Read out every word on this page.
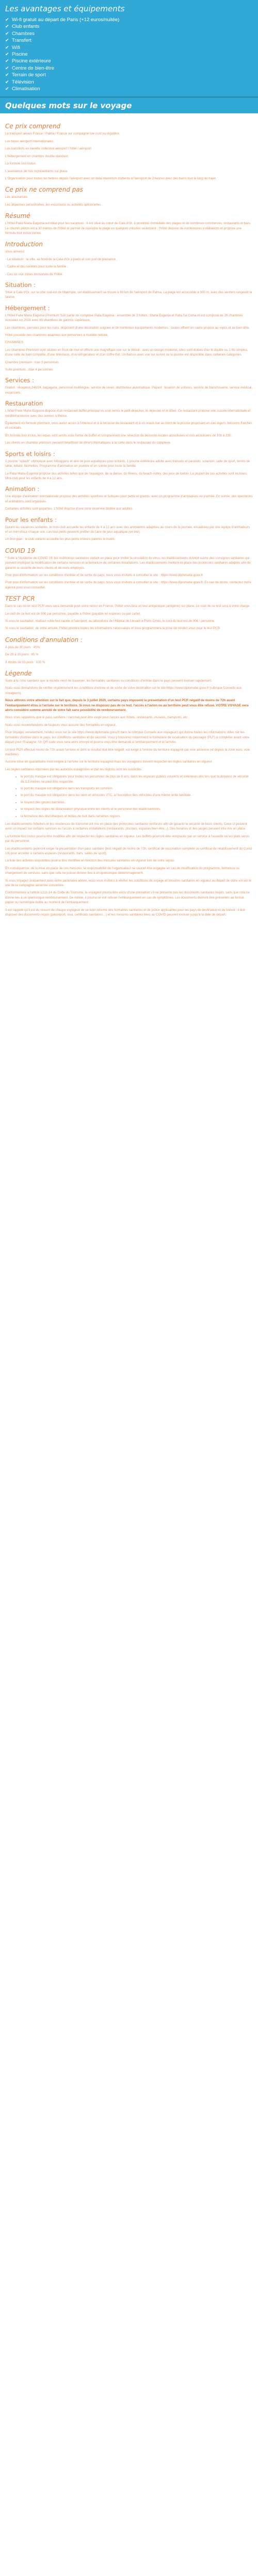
Les avantages et équipements
✔ Wi-fi gratuit au départ de Paris (+12 euros/nuitée)
✔ Club enfants
✔ Chambres
✔ Transfert
✔ Wifi
✔ Piscine
✔ Piscine extérieure
✔ Centre de bien-être
✔ Terrain de sport
✔ Télévision
✔ Climatisation
Quelques mots sur le voyage
Ce prix comprend

Le transport aérien France / Palma / France sur compagnie low cost ou régulière.

Les taxes aéroport internationales.

Les transferts en navette collective aéroport / hôtel / aéroport

L'hébergement en chambre double standard.

La formule tout inclus

L'assistance de nos représentants sur place.

L'Organisation pour toutes les heures depuis l'aéroport avec un délai maximum d'attente à l'aéroport de 2 heures avec des bains tout le long du trajet.

Ce prix ne comprend pas

Les assurances

Les dépenses personnelles, les excursions ou activités optionnelles.

Résumé

L'Hôtel Palia Maria Eugenia est idéal pour les vacances : il est situé au cœur de Cala d'Or, à proximité immédiate des plages et de nombreux commerces, restaurants et bars. Le chemin piéton est à 30 mètres de l'hôtel et permet de rejoindre la plage en quelques minutes seulement ; l'hôtel dispose de nombreuses installations et propose une formule tout inclus variée.

Introduction

Vous aimerez :

- La situation : la ville, au bord de la Cala d'Or à pieds et son port de plaisance ;

- Cadre et des variétés pour toute la famille ;

- Ces six vue zones exclusives de l'hôtel.

Situation :

Situé à Cala d'Or, sur la côte sud-est de Majorque, cet établissement se trouve à 60 km de l'aéroport de Palma. La plage est accessible à 500 m, avec des sentiers longeant la falaise.

Hébergement :

L'Hôtel Palia Maria Eugenia (Premium Sol) partie du complexe Palia Eugenia - ensemble de 2 hôtels : Maria Eugenia et Palia Sa Coma et est composé de 26 chambres rénovées en 2019 avec 90 chambres de gamme supérieure.

Les chambres, pensées pour les nuits, disposent d'une décoration soignée et de nombreux équipements modernes : toutes offrent un cadre propice au repos et au bien-être.

Hôtel possède des chambres adaptées aux personnes à mobilité réduite.

CHAMBRES

Les chambres Premium sont situées en front de mer et offrent une magnifique vue sur le littoral : avec un design moderne, elles sont dotées d'un lit double ou 2 lits simples, d'une salle de bain complète, d'une télévision, d'un réfrigérateur et d'un coffre-fort. Un balcon avec vue sur la mer ou la piscine est disponible dans certaines catégories.

Chambre premium : max 3 personnes

Suite premium : max 4 personnes

Services :

Gratuit : réception 24h/24, bagagerie, personnel multilingue, service de réveil, distributeur automatique. Payant : location de voitures, service de blanchisserie, service médical, excursions.

Restauration

L'hôtel Palia Maria Eugenia dispose d'un restaurant buffet principal où sont servis le petit-déjeuner, le déjeuner et le dîner. Ce restaurant propose une cuisine internationale et méditerranéenne avec des soirées à thème.

Également en formule premium, vous aurez accès à l'intérieur et à la terrasse du restaurant et à un snack-bar au bord de la piscine proposant en-cas légers, boissons fraîches et cocktails.

En formule tout inclus, les repas sont servis sous forme de buffet et comprennent une sélection de boissons locales alcoolisées et non alcoolisées de 10h à 23h.

Les clients en chambre premium peuvent bénéficier de dîners thématiques à la carte dans le restaurant du complexe.

Sports et loisirs :

1 piscine "splash" olympique avec toboggans et aire de jeux aquatiques pour enfants, 1 piscine extérieure adulte avec transats et parasols, solarium, salle de sport, tennis de table, billard, fléchettes. Programme d'animation en journée et en soirée pour toute la famille.

Le Palia Maria Eugenia propose des activités telles que de l'aquagym, de la danse, du fitness, du beach-volley, des jeux de ballon. La plupart de ces activités sont incluses. Mini-club pour les enfants de 4 à 12 ans.

Animation :

Une équipe d'animation internationale propose des activités sportives et ludiques pour petits et grands, avec un programme d'animations en journée. En soirée, des spectacles et animations sont organisés.

Certaines activités sont payantes. L'hôtel dispose d'une zone réservée dédiée aux adultes.

Pour les enfants :

Durant les vacances scolaires, le mini-club accueille les enfants de 4 à 12 ans avec des animations adaptées au cours de la journée, encadrées par une équipe d'animateurs et un mini-disco chaque soir. Les tout-petits peuvent profiter de l'aire de jeux aquatique (en été).

Un bon plan : le club enfants accueille les plus petits et leurs parents le matin.

COVID 19

* Suite à l'épidémie de COVID 19, les restrictions sanitaires variant en place pour limiter la circulation du virus, les établissements doivent suivre des consignes sanitaires qui peuvent impliquer la modification de certains services et la fermeture de certaines installations. Les établissements mettent en place des protocoles sanitaires adaptés afin de garantir la sécurité de leurs clients et de leurs employés.

Pour plus d'information sur les conditions d'entrée et de sortie du pays, nous vous invitons à consulter le site : https://www.diplomatie.gouv.fr

Pour plus d'information sur les conditions d'entrée et de sortie du pays, nous vous invitons à consulter le site : https://www.diplomatie.gouv.fr. En cas de doute, contactez votre agence pour vous conseiller.

TEST PCR

Dans le cas où un test PCR vous sera demandé pour votre retour en France, l'hôtel vous fera un test antigénique (antigène) sur place. Le coût de ce test sera à votre charge.

Le coût de ce test est de 90€ par personne, payable à l'hôtel (payable en espèces ou par carte).

Si vous le souhaitez, réalisez votre test rapide à l'aéroport, au laboratoire de l'Hôpital de Llevant à Porto Cristo, le coût du test est de 90€ / personne.

Si vous le souhaitez, de votre arrivée, l'hôtel prendra toutes les informations nécessaires et vous programmera la prise de rendez-vous pour le test PCR.

Conditions d'annulation :

À plus de 30 jours : 45%

De 29 à 15 jours : 85 %

À moins de 15 jours : 100 %

Légende

Suite à la crise sanitaire que le monde vient de traverser, les formalités sanitaires ou conditions d'entrée dans le pays peuvent évoluer rapidement.

Nous vous demandons de vérifier régulièrement les conditions d'entrée et de sortie de votre destination sur le site https://www.diplomatie.gouv.fr (rubrique Conseils aux voyageurs).

Nous attirons votre attention sur le fait que, depuis le 3 juillet 2020, certains pays imposent la présentation d'un test PCR négatif de moins de 72h avant l'embarquement et/ou à l'arrivée sur le territoire. Si vous ne disposez pas de ce test, l'accès à l'avion ou au territoire peut vous être refusé. VOTRE VOYAGE sera alors considéré comme annulé de votre fait sans possibilité de remboursement.

Nous vous rappelons que le pass sanitaire / vaccinal peut être exigé pour l'accès aux hôtels, restaurants, musées, transports, etc.

Nous vous recommandons de toujours vous assurer des formalités en vigueur.

Pour voyager sereinement, rendez-vous sur le site https://www.diplomatie.gouv.fr dans la rubrique Conseils aux voyageurs qui donne toutes les informations utiles sur les formalités d'entrée dans le pays, les conditions sanitaires et de sécurité. Vous y trouverez notamment le formulaire de localisation du passager (PLF) à compléter avant votre départ pour l'Espagne. Un QR code vous sera alors envoyé et pourra vous être demandé à l'embarquement et à l'arrivée.

Un test PCR effectué moins de 72h avant l'arrivée et dont le résultat doit être négatif, est exigé à l'entrée du territoire espagnol par voie aérienne (et depuis la zone euro, voie maritime).

Aucune mise en quarantaine n'est exigée à l'arrivée sur le territoire espagnol mais les voyageurs doivent respecter les règles sanitaires en vigueur.

Les règles sanitaires imposées par les autorités espagnoles et par les régions sont les suivantes :

• le port du masque est obligatoire pour toutes les personnes de plus de 6 ans, dans les espaces publics couverts et extérieurs dès lors que la distance de sécurité de 1,5 mètres ne peut être respectée.
• le port du masque est obligatoire dans les transports en commun.
• le port du masque est obligatoire dans les taxis et véhicules VTC, à l'exception des véhicules d'une même unité familiale.
• le respect des gestes barrières.
• le respect des règles de distanciation physique entre les clients et le personnel des établissements.
• la fermeture des discothèques et boîtes de nuit dans certaines régions.

Les établissements hôteliers et les résidences de tourisme ont mis en place des protocoles sanitaires renforcés afin de garantir la sécurité de leurs clients. Ceux-ci peuvent avoir un impact sur certains services ou l'accès à certaines installations (restaurants, piscines, espaces bien-être...). Des horaires et des jauges peuvent être mis en place.

La formule tout inclus pourra être modifiée afin de respecter les règles sanitaires en vigueur. Les buffets pourront être remplacés par un service à l'assiette ou les plats servis par du personnel.

Les établissements pourront exiger la présentation d'un pass sanitaire (test négatif de moins de 72h, certificat de vaccination complète ou certificat de rétablissement du Covid 19) pour accéder à certains espaces (restaurants, bars, salles de sport).

La liste des activités disponibles pourra être modifiée en fonction des mesures sanitaires en vigueur lors de votre séjour.

En conséquence, de la mise en place de ces mesures, la responsabilité de l'organisateur ne saurait être engagée en cas de modification du programme, fermeture ou changement de services, sans que cela ne puisse donner lieu à un quelconque dédommagement.

Si vous voyagez uniquement avec notre partenaire aérien, nous vous invitons à vérifier les conditions de voyage et mesures sanitaires en vigueur au départ de votre vol sur le site de la compagnie aérienne concernée.

Conformément à l'article L211-14 du Code du Tourisme, le voyageur pourra être exclu d'une prestation s'il ne présente pas les documents sanitaires requis, sans que cela ne donne lieu à un quelconque remboursement. De même, il pourra se voir refuser l'embarquement en cas de symptômes. Les documents devront être présentés au format papier ou numérique lisible au moment de l'embarquement.

Il est rappelé qu'il est du ressort de chaque voyageur de se tenir informé des formalités sanitaires et de police applicables pour les pays de destination et de transit ; il doit disposer des documents requis (passeport, visa, certificats sanitaires…) et les mesures sanitaires liées au COVID peuvent évoluer jusqu'à la date de départ.
